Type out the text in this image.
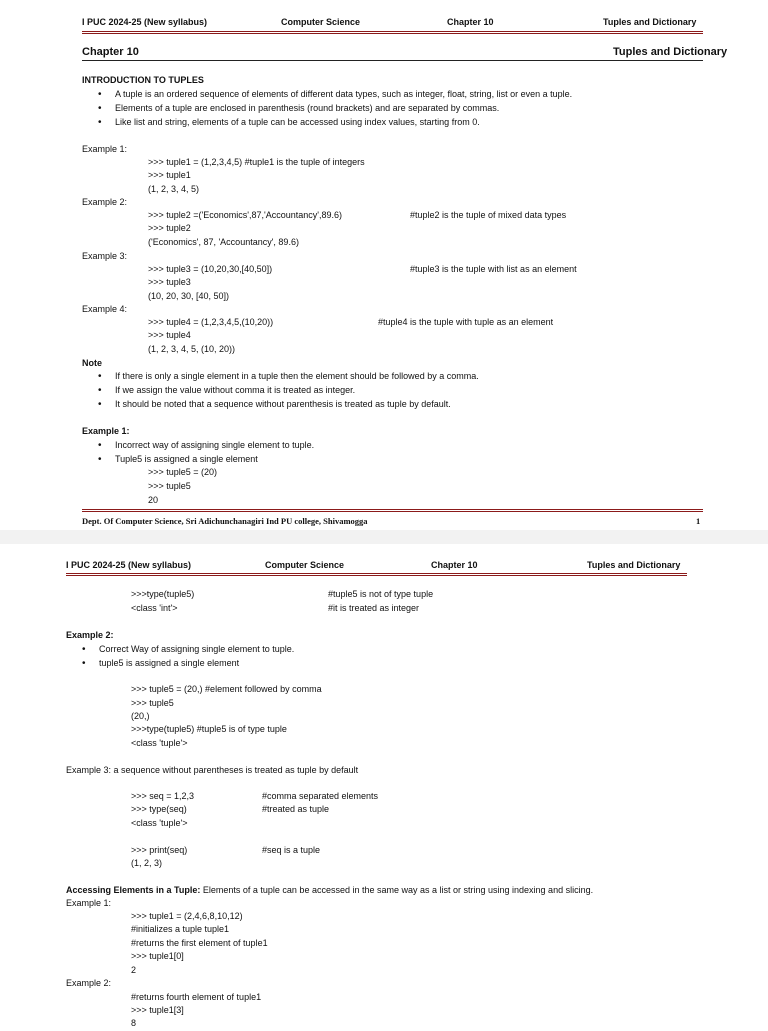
I PUC 2024-25 (New syllabus)	Computer Science	Chapter 10	Tuples and Dictionary
Chapter 10	Tuples and Dictionary
INTRODUCTION TO TUPLES
• A tuple is an ordered sequence of elements of different data types, such as integer, float, string, list or even a tuple.
• Elements of a tuple are enclosed in parenthesis (round brackets) and are separated by commas.
• Like list and string, elements of a tuple can be accessed using index values, starting from 0.
Example 1:
>>> tuple1 = (1,2,3,4,5) #tuple1 is the tuple of integers
>>> tuple1
(1, 2, 3, 4, 5)
Example 2:
>>> tuple2 =('Economics',87,'Accountancy',89.6)	#tuple2 is the tuple of mixed data types
>>> tuple2
('Economics', 87, 'Accountancy', 89.6)
Example 3:
>>> tuple3 = (10,20,30,[40,50])	#tuple3 is the tuple with list as an element
>>> tuple3
(10, 20, 30, [40, 50])
Example 4:
>>> tuple4 = (1,2,3,4,5,(10,20))	#tuple4 is the tuple with tuple as an element
>>> tuple4
(1, 2, 3, 4, 5, (10, 20))
Note
• If there is only a single element in a tuple then the element should be followed by a comma.
• If we assign the value without comma it is treated as integer.
• It should be noted that a sequence without parenthesis is treated as tuple by default.
Example 1:
• Incorrect way of assigning single element to tuple.
• Tuple5 is assigned a single element
>>> tuple5 = (20)
>>> tuple5
20
Dept. Of Computer Science, Sri Adichunchanagiri Ind PU college, Shivamogga	1
I PUC 2024-25 (New syllabus)	Computer Science	Chapter 10	Tuples and Dictionary
>>>type(tuple5)	#tuple5 is not of type tuple
<class 'int'>	#it is treated as integer
Example 2:
• Correct Way of assigning single element to tuple.
• tuple5 is assigned a single element
>>> tuple5 = (20,) #element followed by comma
>>> tuple5
(20,)
>>>type(tuple5) #tuple5 is of type tuple
<class 'tuple'>
Example 3: a sequence without parentheses is treated as tuple by default
>>> seq = 1,2,3	#comma separated elements
>>> type(seq)	#treated as tuple
<class 'tuple'>
>>> print(seq)	#seq is a tuple
(1, 2, 3)
Accessing Elements in a Tuple: Elements of a tuple can be accessed in the same way as a list or string using indexing and slicing.
Example 1:
>>> tuple1 = (2,4,6,8,10,12)
#initializes a tuple tuple1
#returns the first element of tuple1
>>> tuple1[0]
2
Example 2:
#returns fourth element of tuple1
>>> tuple1[3]
8
